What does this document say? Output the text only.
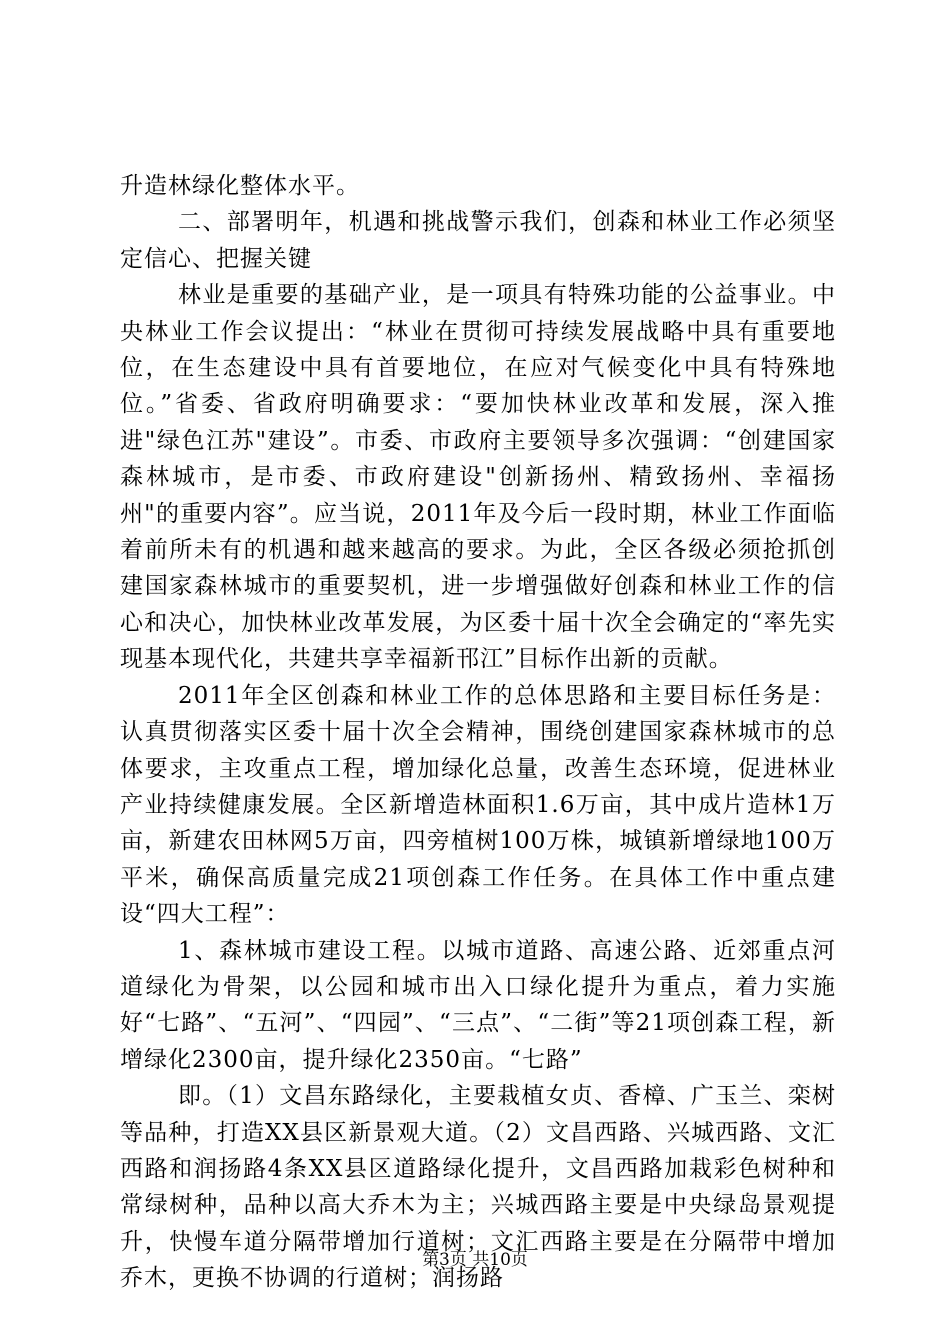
升造林绿化整体水平。

二、部署明年，机遇和挑战警示我们，创森和林业工作必须坚定信心、把握关键

林业是重要的基础产业，是一项具有特殊功能的公益事业。中央林业工作会议提出：“林业在贯彻可持续发展战略中具有重要地位，在生态建设中具有首要地位，在应对气候变化中具有特殊地位。”省委、省政府明确要求：“要加快林业改革和发展，深入推进"绿色江苏"建设”。市委、市政府主要领导多次强调：“创建国家森林城市，是市委、市政府建设"创新扬州、精致扬州、幸福扬州"的重要内容”。应当说，2011年及今后一段时期，林业工作面临着前所未有的机遇和越来越高的要求。为此，全区各级必须抢抓创建国家森林城市的重要契机，进一步增强做好创森和林业工作的信心和决心，加快林业改革发展，为区委十届十次全会确定的“率先实现基本现代化，共建共享幸福新邗江”目标作出新的贡献。

2011年全区创森和林业工作的总体思路和主要目标任务是：认真贯彻落实区委十届十次全会精神，围绕创建国家森林城市的总体要求，主攻重点工程，增加绿化总量，改善生态环境，促进林业产业持续健康发展。全区新增造林面积1.6万亩，其中成片造林1万亩，新建农田林网5万亩，四旁植树100万株，城镇新增绿地100万平米，确保高质量完成21项创森工作任务。在具体工作中重点建设“四大工程”：

1、森林城市建设工程。以城市道路、高速公路、近郊重点河道绿化为骨架，以公园和城市出入口绿化提升为重点，着力实施好“七路”、“五河”、“四园”、“三点”、“二街”等21项创森工程，新增绿化2300亩，提升绿化2350亩。“七路”

即。（1）文昌东路绿化，主要栽植女贞、香樟、广玉兰、栾树等品种，打造XX县区新景观大道。（2）文昌西路、兴城西路、文汇西路和润扬路4条XX县区道路绿化提升，文昌西路加栽彩色树种和常绿树种，品种以高大乔木为主；兴城西路主要是中央绿岛景观提升，快慢车道分隔带增加行道树；文汇西路主要是在分隔带中增加乔木，更换不协调的行道树；润扬路

第3页 共10页
